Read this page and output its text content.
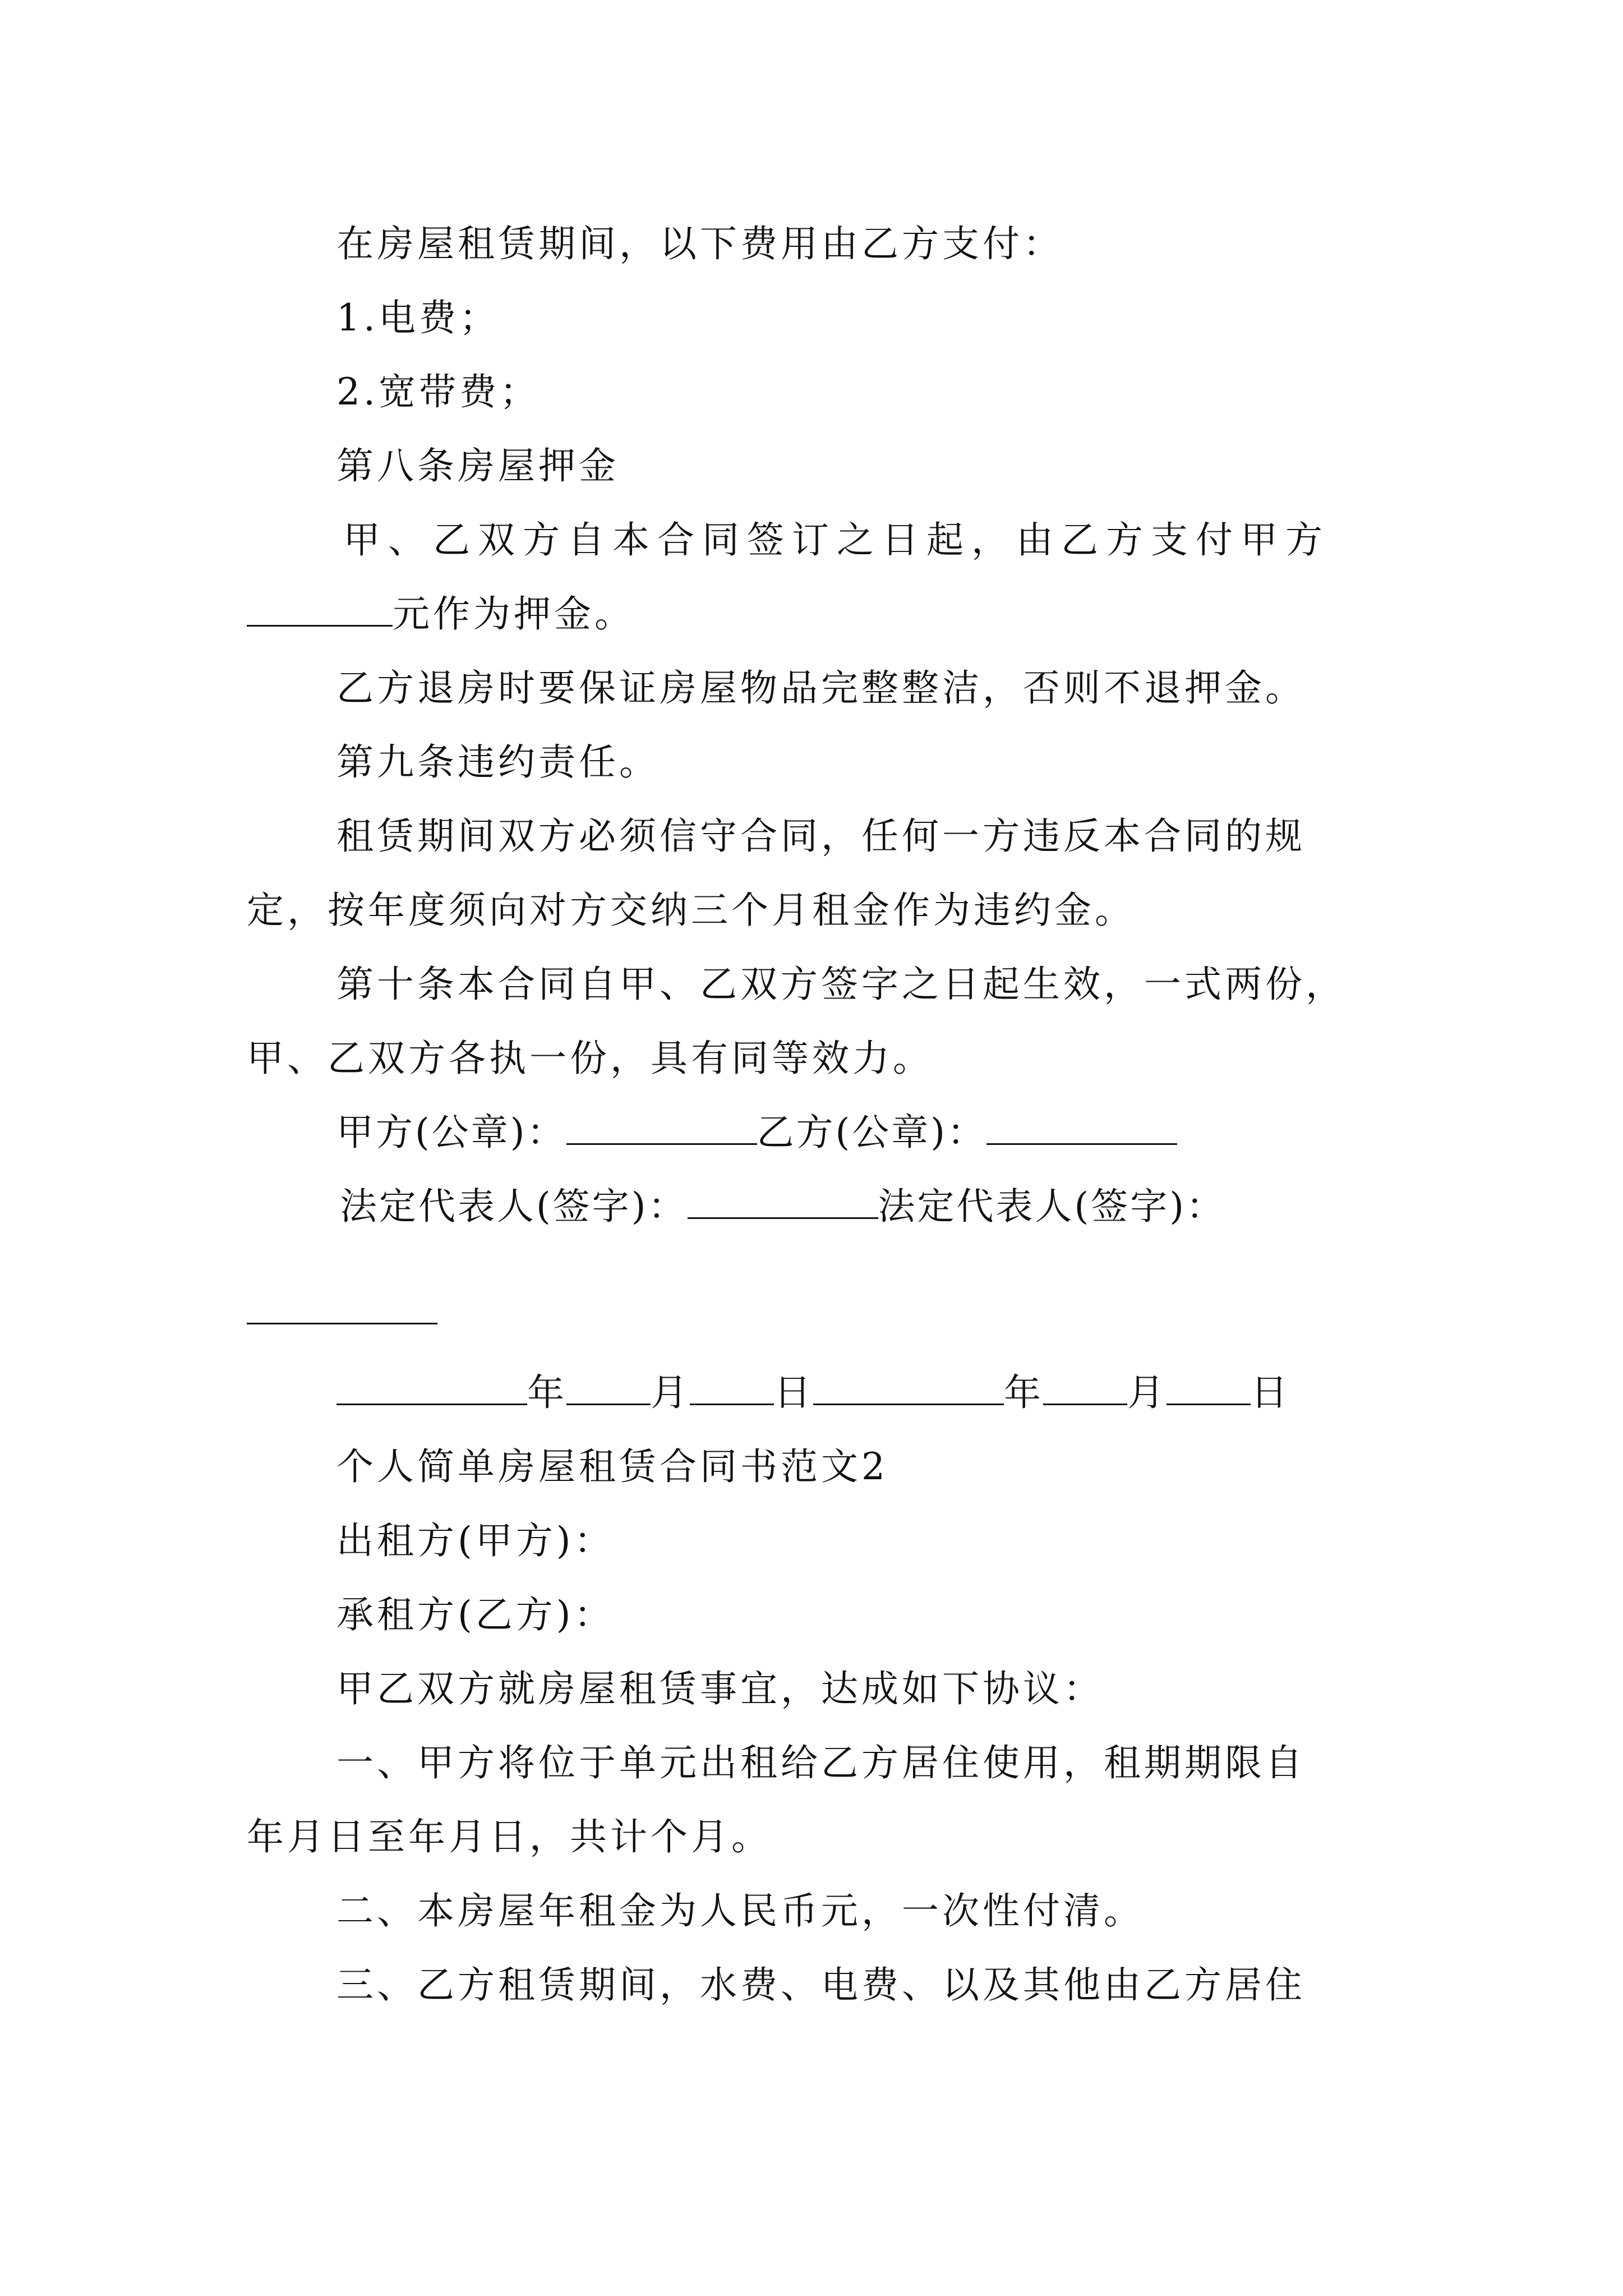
在房屋租赁期间，以下费用由乙方支付：

1.电费；

2.宽带费；

第八条房屋押金

甲、乙双方自本合同签订之日起，由乙方支付甲方

元作为押金。

乙方退房时要保证房屋物品完整整洁，否则不退押金。

第九条违约责任。

租赁期间双方必须信守合同，任何一方违反本合同的规

定，按年度须向对方交纳三个月租金作为违约金。

第十条本合同自甲、乙双方签字之日起生效，一式两份，

甲、乙双方各执一份，具有同等效力。

甲方(公章)：	乙方(公章)：

法定代表人(签字)：	法定代表人(签字)：

年 月 日	年 月 日

个人简单房屋租赁合同书范文2

出租方(甲方)：

承租方(乙方)：

甲乙双方就房屋租赁事宜，达成如下协议：

一、甲方将位于单元出租给乙方居住使用，租期期限自

年月日至年月日，共计个月。

二、本房屋年租金为人民币元，一次性付清。

三、乙方租赁期间，水费、电费、以及其他由乙方居住
